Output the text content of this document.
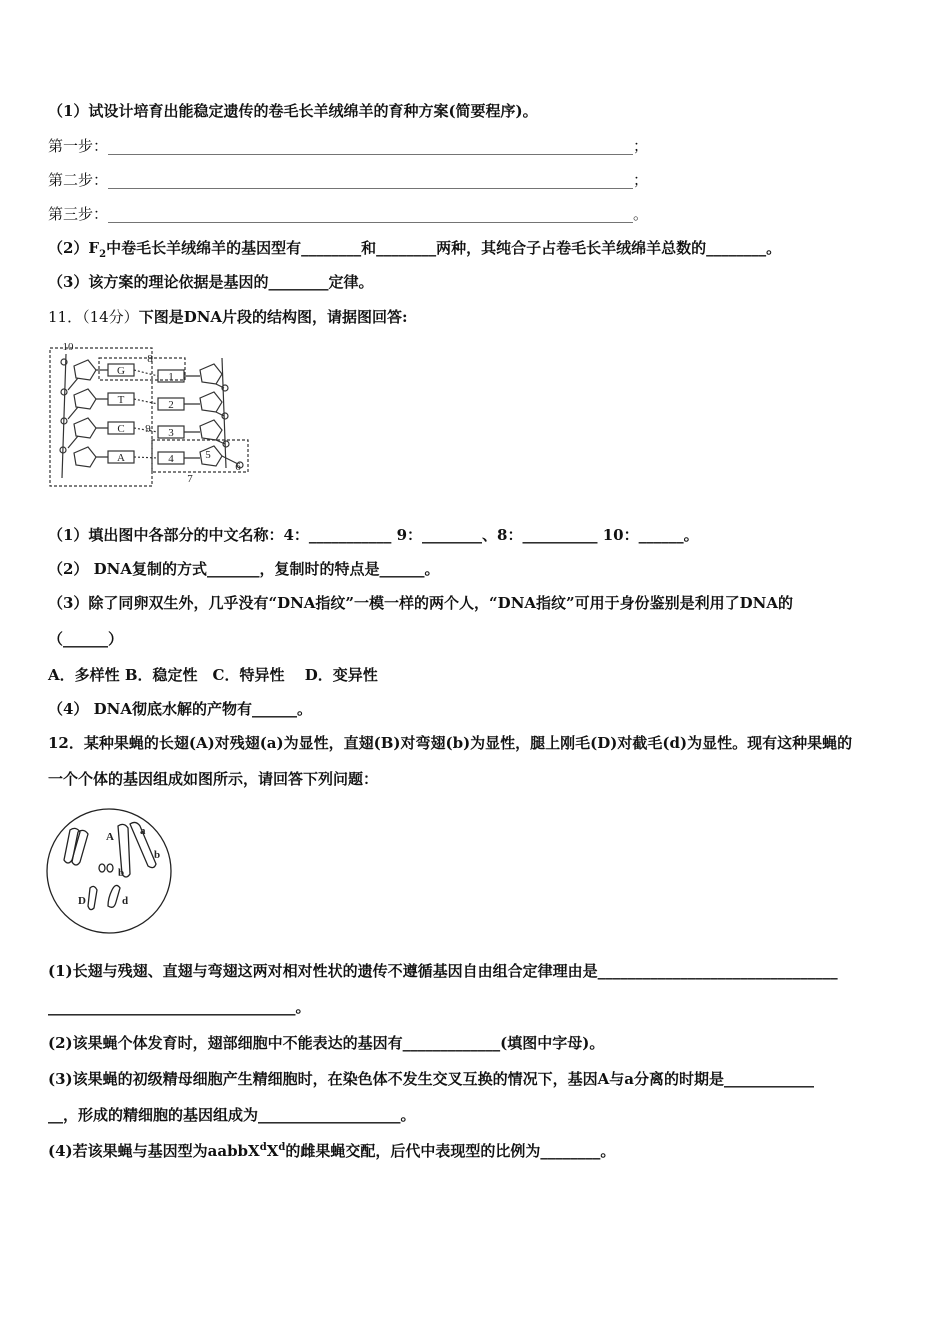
（1）试设计培育出能稳定遗传的卷毛长羊绒绵羊的育种方案(简要程序)。
第一步：______________________________________________________________________；
第二步：______________________________________________________________________；
第三步：______________________________________________________________________。
$(2)F_2$中卷毛长羊绒绵羊的基因型有________和________两种，其纯合子占卷毛长羊绒绵羊总数的________。
（3）该方案的理论依据是基因的________定律。
11．（14分）下图是DNA片段的结构图，请据图回答:
10
8
G	1
T	2
C 9 3
A	4	5
6
7
（1）填出图中各部分的中文名称：4：___________ 9：________、8：__________ 10：______。
（2） DNA复制的方式_______，复制时的特点是______。
（3）除了同卵双生外，几乎没有“DNA指纹”一模一样的两个人，“DNA指纹”可用于身份鉴别是利用了DNA的
（______）
A．多样性 B．稳定性　C．特异性　 D．变异性
（4） DNA彻底水解的产物有______。
12．某种果蝇的长翅(A)对残翅(a)为显性，直翅(B)对弯翅(b)为显性，腿上刚毛(D)对截毛(d)为显性。现有这种果蝇的
一个个体的基因组成如图所示，请回答下列问题：
A a
b
b
D	d
(1)长翅与残翅、直翅与弯翅这两对相对性状的遗传不遵循基因自由组合定律理由是________________________________
_________________________________。
(2)该果蝇个体发育时，翅部细胞中不能表达的基因有_____________(填图中字母)。
(3)该果蝇的初级精母细胞产生精细胞时，在染色体不发生交叉互换的情况下，基因A与a分离的时期是____________
__，形成的精细胞的基因组成为___________________。
(4)若该果蝇与基因型为$aabbX^dX^d$的雌果蝇交配，后代中表现型的比例为________。
